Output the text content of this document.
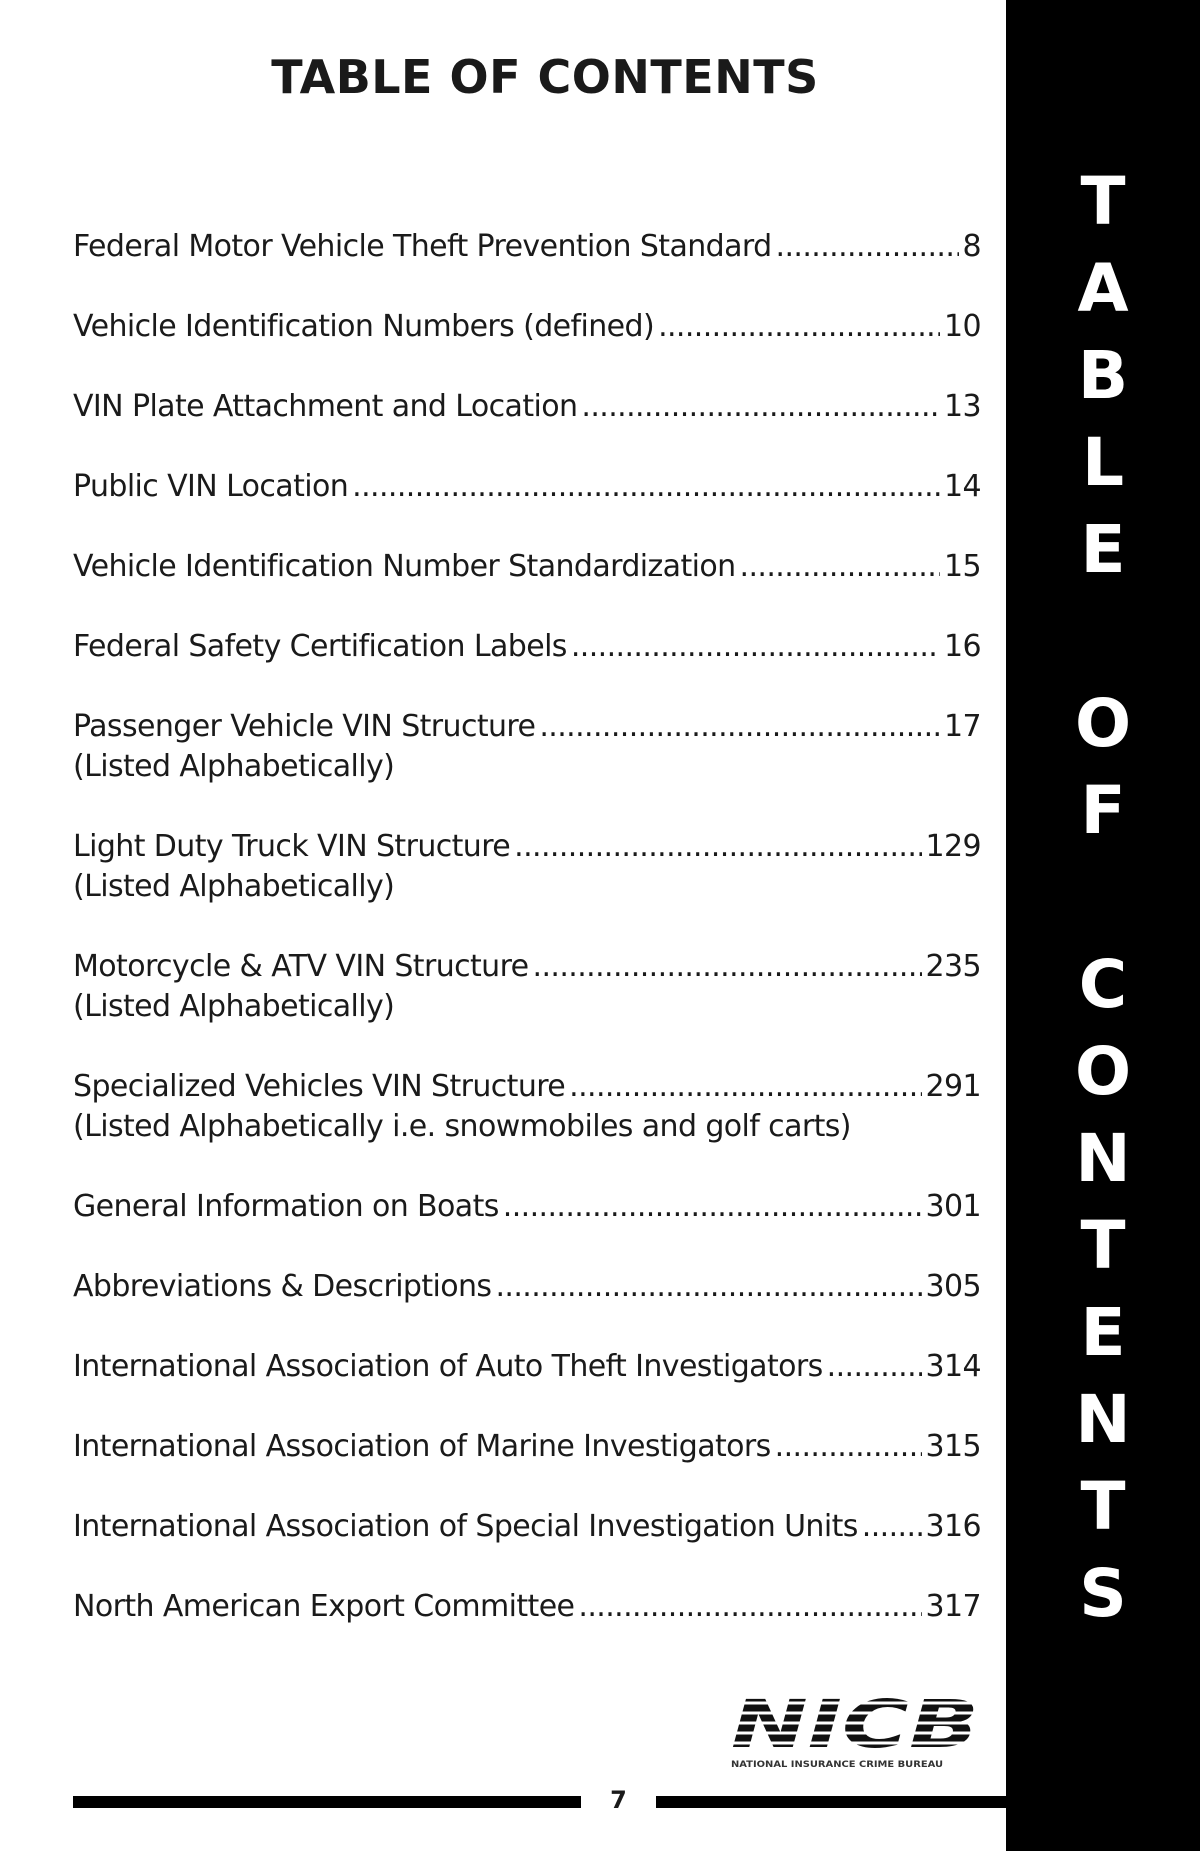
TABLE OF CONTENTS
Federal Motor Vehicle Theft Prevention Standard .....	8
Vehicle Identification Numbers (defined) .....	10
VIN Plate Attachment and Location .....	13
Public VIN Location .....	14
Vehicle Identification Number Standardization .....	15
Federal Safety Certification Labels .....	16
Passenger Vehicle VIN Structure .....	17
(Listed Alphabetically)
Light Duty Truck VIN Structure .....	129
(Listed Alphabetically)
Motorcycle & ATV VIN Structure .....	235
(Listed Alphabetically)
Specialized Vehicles VIN Structure .....	291
(Listed Alphabetically i.e. snowmobiles and golf carts)
General Information on Boats .....	301
Abbreviations & Descriptions .....	305
International Association of Auto Theft Investigators .....	314
International Association of Marine Investigators .....	315
International Association of Special Investigation Units ..... 316
North American Export Committee .....	317
T
A
B
L
E
O
F
C
O
N
T
E
N
T
S
NICB
NATIONAL INSURANCE CRIME BUREAU
7
